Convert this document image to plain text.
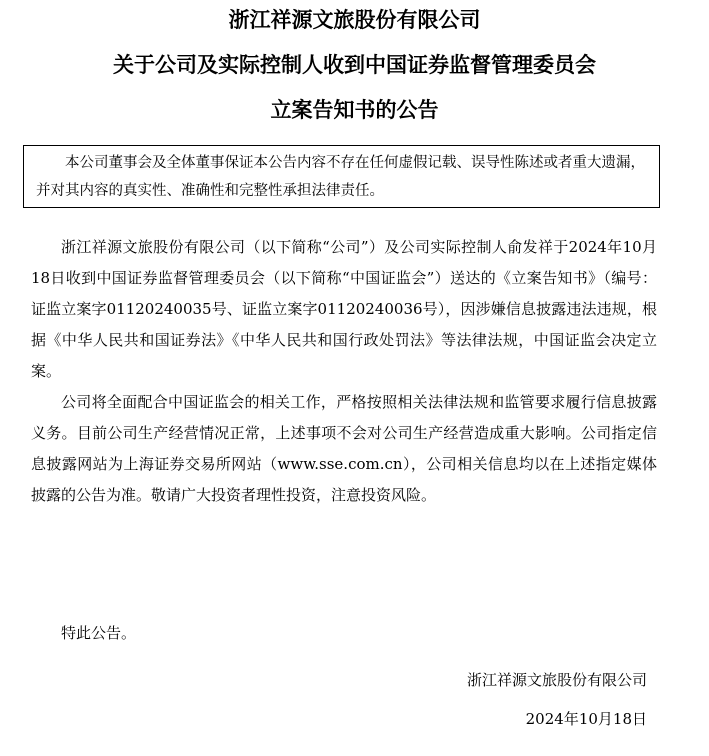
浙江祥源文旅股份有限公司
关于公司及实际控制人收到中国证券监督管理委员会
立案告知书的公告

本公司董事会及全体董事保证本公告内容不存在任何虚假记载、误导性陈述或者重大遗漏，并对其内容的真实性、准确性和完整性承担法律责任。

浙江祥源文旅股份有限公司（以下简称“公司”）及公司实际控制人俞发祥于2024年10月18日收到中国证券监督管理委员会（以下简称“中国证监会”）送达的《立案告知书》（编号：证监立案字01120240035号、证监立案字01120240036号），因涉嫌信息披露违法违规，根据《中华人民共和国证券法》《中华人民共和国行政处罚法》等法律法规，中国证监会决定立案。

公司将全面配合中国证监会的相关工作，严格按照相关法律法规和监管要求履行信息披露义务。目前公司生产经营情况正常，上述事项不会对公司生产经营造成重大影响。公司指定信息披露网站为上海证券交易所网站（www.sse.com.cn），公司相关信息均以在上述指定媒体披露的公告为准。敬请广大投资者理性投资，注意投资风险。

特此公告。
浙江祥源文旅股份有限公司
2024年10月18日
